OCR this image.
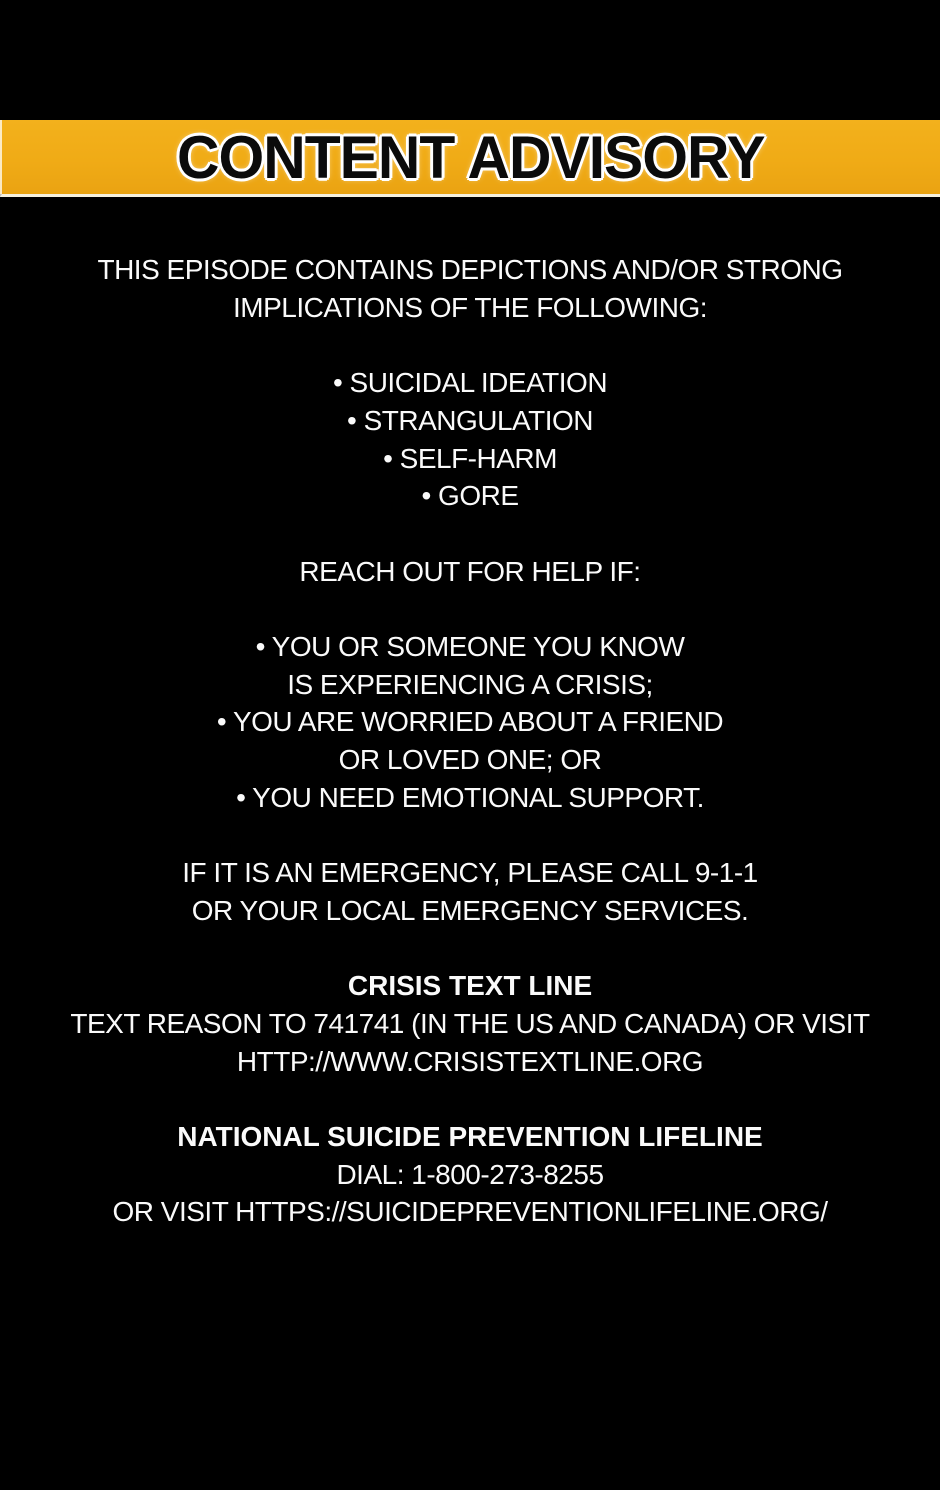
CONTENT ADVISORY
THIS EPISODE CONTAINS DEPICTIONS AND/OR STRONG
IMPLICATIONS OF THE FOLLOWING:
• SUICIDAL IDEATION
• STRANGULATION
• SELF-HARM
• GORE
REACH OUT FOR HELP IF:
• YOU OR SOMEONE YOU KNOW
IS EXPERIENCING A CRISIS;
• YOU ARE WORRIED ABOUT A FRIEND
OR LOVED ONE; OR
• YOU NEED EMOTIONAL SUPPORT.
IF IT IS AN EMERGENCY, PLEASE CALL 9-1-1
OR YOUR LOCAL EMERGENCY SERVICES.
CRISIS TEXT LINE
TEXT REASON TO 741741 (IN THE US AND CANADA) OR VISIT
HTTP://WWW.CRISISTEXTLINE.ORG
NATIONAL SUICIDE PREVENTION LIFELINE
DIAL: 1-800-273-8255
OR VISIT HTTPS://SUICIDEPREVENTIONLIFELINE.ORG/
